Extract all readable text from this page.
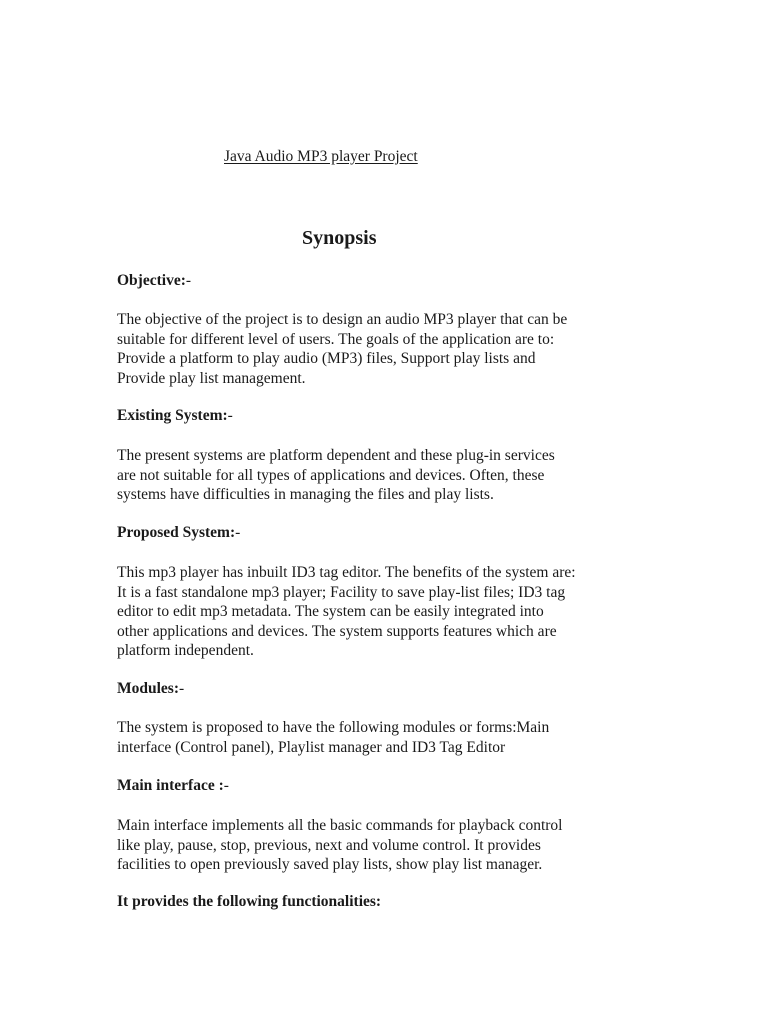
Java Audio MP3 player Project
Synopsis
Objective:-
The objective of the project is to design an audio MP3 player that can be
suitable for different level of users. The goals of the application are to:
Provide a platform to play audio (MP3) files, Support play lists and
Provide play list management.
Existing System:-
The present systems are platform dependent and these plug-in services
are not suitable for all types of applications and devices. Often, these
systems have difficulties in managing the files and play lists.
Proposed System:-
This mp3 player has inbuilt ID3 tag editor. The benefits of the system are:
It is a fast standalone mp3 player; Facility to save play-list files; ID3 tag
editor to edit mp3 metadata. The system can be easily integrated into
other applications and devices. The system supports features which are
platform independent.
Modules:-
The system is proposed to have the following modules or forms:Main
interface (Control panel), Playlist manager and ID3 Tag Editor
Main interface :-
Main interface implements all the basic commands for playback control
like play, pause, stop, previous, next and volume control. It provides
facilities to open previously saved play lists, show play list manager.
It provides the following functionalities:
